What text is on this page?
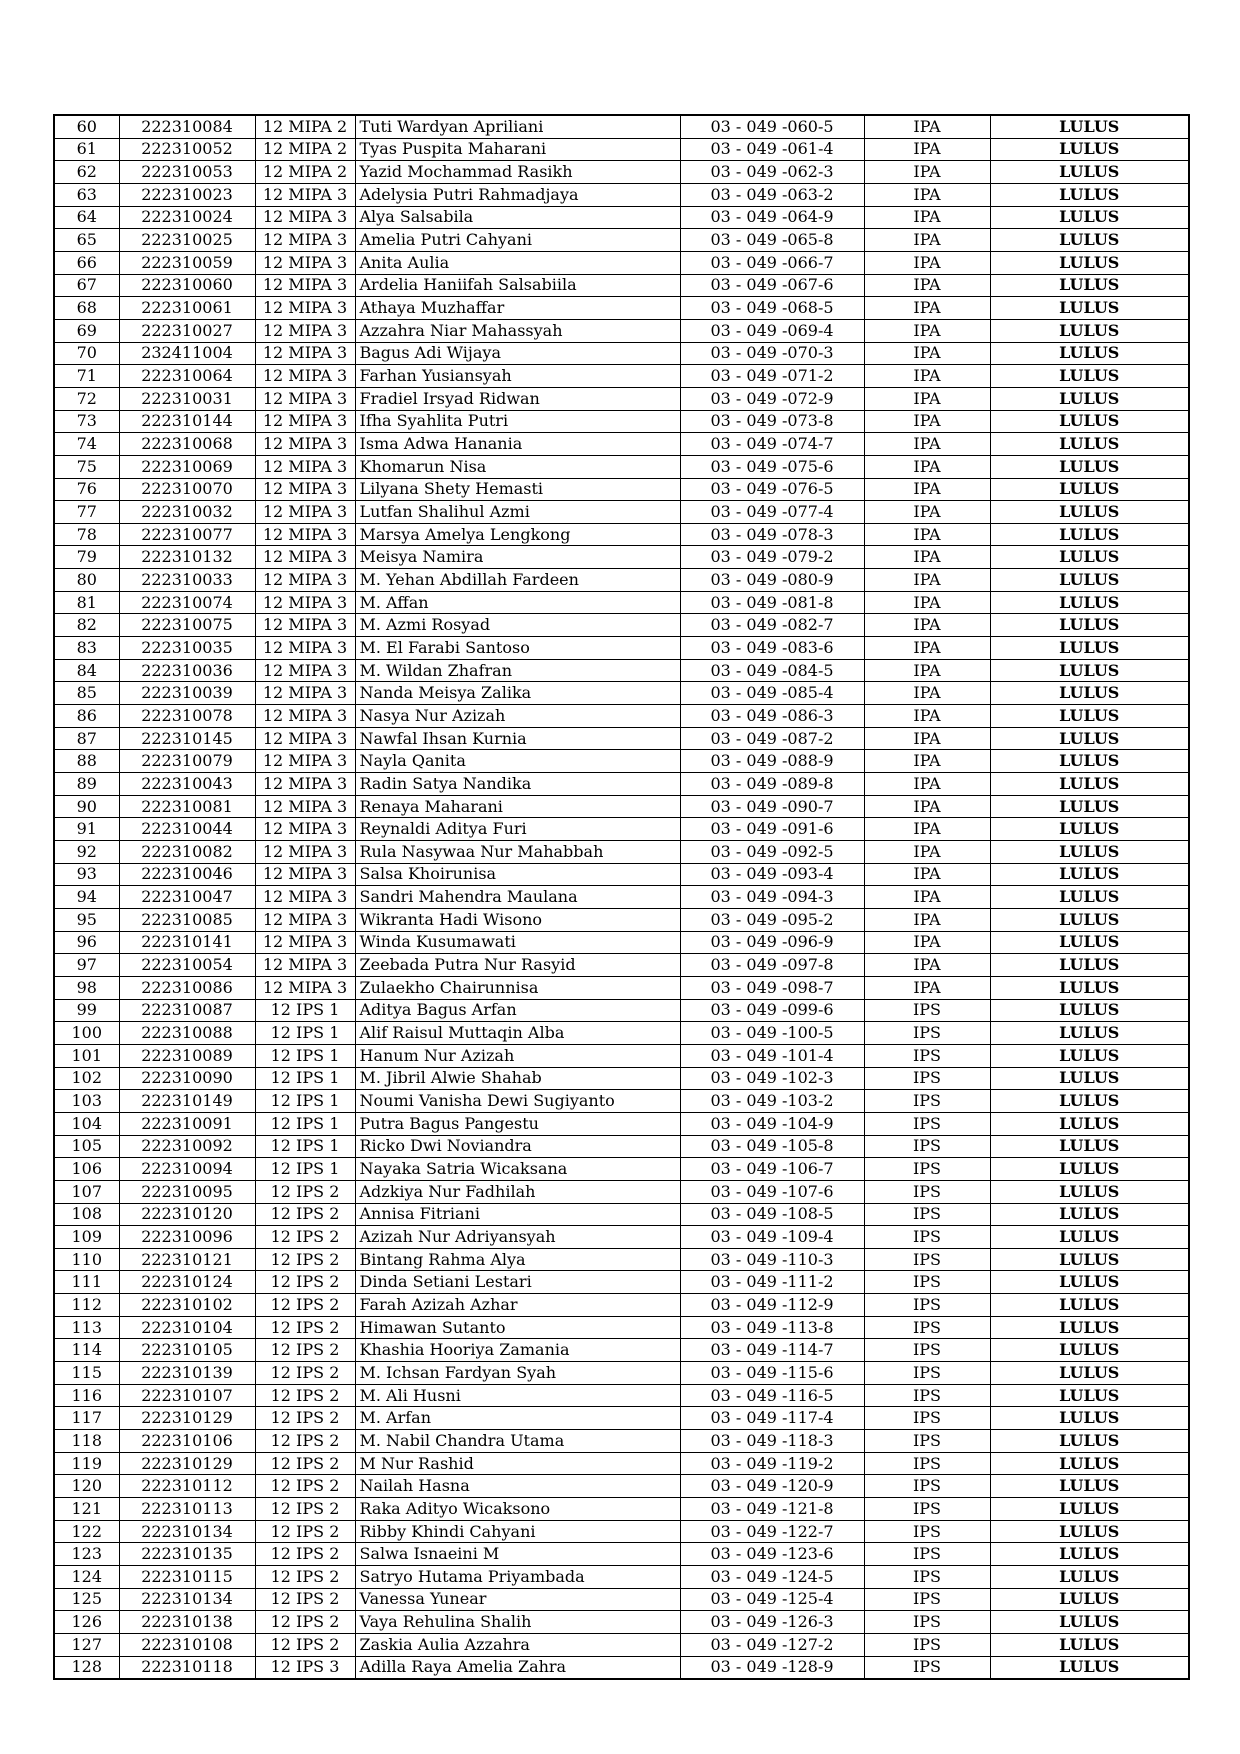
60	222310084	12 MIPA 2	Tuti Wardyan Apriliani	03 - 049 -060-5	IPA	LULUS
61	222310052	12 MIPA 2	Tyas Puspita Maharani	03 - 049 -061-4	IPA	LULUS
62	222310053	12 MIPA 2	Yazid Mochammad Rasikh	03 - 049 -062-3	IPA	LULUS
63	222310023	12 MIPA 3	Adelysia Putri Rahmadjaya	03 - 049 -063-2	IPA	LULUS
64	222310024	12 MIPA 3	Alya Salsabila	03 - 049 -064-9	IPA	LULUS
65	222310025	12 MIPA 3	Amelia Putri Cahyani	03 - 049 -065-8	IPA	LULUS
66	222310059	12 MIPA 3	Anita Aulia	03 - 049 -066-7	IPA	LULUS
67	222310060	12 MIPA 3	Ardelia Haniifah Salsabiila	03 - 049 -067-6	IPA	LULUS
68	222310061	12 MIPA 3	Athaya Muzhaffar	03 - 049 -068-5	IPA	LULUS
69	222310027	12 MIPA 3	Azzahra Niar Mahassyah	03 - 049 -069-4	IPA	LULUS
70	232411004	12 MIPA 3	Bagus Adi Wijaya	03 - 049 -070-3	IPA	LULUS
71	222310064	12 MIPA 3	Farhan Yusiansyah	03 - 049 -071-2	IPA	LULUS
72	222310031	12 MIPA 3	Fradiel Irsyad Ridwan	03 - 049 -072-9	IPA	LULUS
73	222310144	12 MIPA 3	Ifha Syahlita Putri	03 - 049 -073-8	IPA	LULUS
74	222310068	12 MIPA 3	Isma Adwa Hanania	03 - 049 -074-7	IPA	LULUS
75	222310069	12 MIPA 3	Khomarun Nisa	03 - 049 -075-6	IPA	LULUS
76	222310070	12 MIPA 3	Lilyana Shety Hemasti	03 - 049 -076-5	IPA	LULUS
77	222310032	12 MIPA 3	Lutfan Shalihul Azmi	03 - 049 -077-4	IPA	LULUS
78	222310077	12 MIPA 3	Marsya Amelya Lengkong	03 - 049 -078-3	IPA	LULUS
79	222310132	12 MIPA 3	Meisya Namira	03 - 049 -079-2	IPA	LULUS
80	222310033	12 MIPA 3	M. Yehan Abdillah Fardeen	03 - 049 -080-9	IPA	LULUS
81	222310074	12 MIPA 3	M. Affan	03 - 049 -081-8	IPA	LULUS
82	222310075	12 MIPA 3	M. Azmi Rosyad	03 - 049 -082-7	IPA	LULUS
83	222310035	12 MIPA 3	M. El Farabi Santoso	03 - 049 -083-6	IPA	LULUS
84	222310036	12 MIPA 3	M. Wildan Zhafran	03 - 049 -084-5	IPA	LULUS
85	222310039	12 MIPA 3	Nanda Meisya Zalika	03 - 049 -085-4	IPA	LULUS
86	222310078	12 MIPA 3	Nasya Nur Azizah	03 - 049 -086-3	IPA	LULUS
87	222310145	12 MIPA 3	Nawfal Ihsan Kurnia	03 - 049 -087-2	IPA	LULUS
88	222310079	12 MIPA 3	Nayla Qanita	03 - 049 -088-9	IPA	LULUS
89	222310043	12 MIPA 3	Radin Satya Nandika	03 - 049 -089-8	IPA	LULUS
90	222310081	12 MIPA 3	Renaya Maharani	03 - 049 -090-7	IPA	LULUS
91	222310044	12 MIPA 3	Reynaldi Aditya Furi	03 - 049 -091-6	IPA	LULUS
92	222310082	12 MIPA 3	Rula Nasywaa Nur Mahabbah	03 - 049 -092-5	IPA	LULUS
93	222310046	12 MIPA 3	Salsa Khoirunisa	03 - 049 -093-4	IPA	LULUS
94	222310047	12 MIPA 3	Sandri Mahendra Maulana	03 - 049 -094-3	IPA	LULUS
95	222310085	12 MIPA 3	Wikranta Hadi Wisono	03 - 049 -095-2	IPA	LULUS
96	222310141	12 MIPA 3	Winda Kusumawati	03 - 049 -096-9	IPA	LULUS
97	222310054	12 MIPA 3	Zeebada Putra Nur Rasyid	03 - 049 -097-8	IPA	LULUS
98	222310086	12 MIPA 3	Zulaekho Chairunnisa	03 - 049 -098-7	IPA	LULUS
99	222310087	12 IPS 1	Aditya Bagus Arfan	03 - 049 -099-6	IPS	LULUS
100	222310088	12 IPS 1	Alif Raisul Muttaqin Alba	03 - 049 -100-5	IPS	LULUS
101	222310089	12 IPS 1	Hanum Nur Azizah	03 - 049 -101-4	IPS	LULUS
102	222310090	12 IPS 1	M. Jibril Alwie Shahab	03 - 049 -102-3	IPS	LULUS
103	222310149	12 IPS 1	Noumi Vanisha Dewi Sugiyanto	03 - 049 -103-2	IPS	LULUS
104	222310091	12 IPS 1	Putra Bagus Pangestu	03 - 049 -104-9	IPS	LULUS
105	222310092	12 IPS 1	Ricko Dwi Noviandra	03 - 049 -105-8	IPS	LULUS
106	222310094	12 IPS 1	Nayaka Satria Wicaksana	03 - 049 -106-7	IPS	LULUS
107	222310095	12 IPS 2	Adzkiya Nur Fadhilah	03 - 049 -107-6	IPS	LULUS
108	222310120	12 IPS 2	Annisa Fitriani	03 - 049 -108-5	IPS	LULUS
109	222310096	12 IPS 2	Azizah Nur Adriyansyah	03 - 049 -109-4	IPS	LULUS
110	222310121	12 IPS 2	Bintang Rahma Alya	03 - 049 -110-3	IPS	LULUS
111	222310124	12 IPS 2	Dinda Setiani Lestari	03 - 049 -111-2	IPS	LULUS
112	222310102	12 IPS 2	Farah Azizah Azhar	03 - 049 -112-9	IPS	LULUS
113	222310104	12 IPS 2	Himawan Sutanto	03 - 049 -113-8	IPS	LULUS
114	222310105	12 IPS 2	Khashia Hooriya Zamania	03 - 049 -114-7	IPS	LULUS
115	222310139	12 IPS 2	M. Ichsan Fardyan Syah	03 - 049 -115-6	IPS	LULUS
116	222310107	12 IPS 2	M. Ali Husni	03 - 049 -116-5	IPS	LULUS
117	222310129	12 IPS 2	M. Arfan	03 - 049 -117-4	IPS	LULUS
118	222310106	12 IPS 2	M. Nabil Chandra Utama	03 - 049 -118-3	IPS	LULUS
119	222310129	12 IPS 2	M Nur Rashid	03 - 049 -119-2	IPS	LULUS
120	222310112	12 IPS 2	Nailah Hasna	03 - 049 -120-9	IPS	LULUS
121	222310113	12 IPS 2	Raka Adityo Wicaksono	03 - 049 -121-8	IPS	LULUS
122	222310134	12 IPS 2	Ribby Khindi Cahyani	03 - 049 -122-7	IPS	LULUS
123	222310135	12 IPS 2	Salwa Isnaeini M	03 - 049 -123-6	IPS	LULUS
124	222310115	12 IPS 2	Satryo Hutama Priyambada	03 - 049 -124-5	IPS	LULUS
125	222310134	12 IPS 2	Vanessa Yunear	03 - 049 -125-4	IPS	LULUS
126	222310138	12 IPS 2	Vaya Rehulina Shalih	03 - 049 -126-3	IPS	LULUS
127	222310108	12 IPS 2	Zaskia Aulia Azzahra	03 - 049 -127-2	IPS	LULUS
128	222310118	12 IPS 3	Adilla Raya Amelia Zahra	03 - 049 -128-9	IPS	LULUS
